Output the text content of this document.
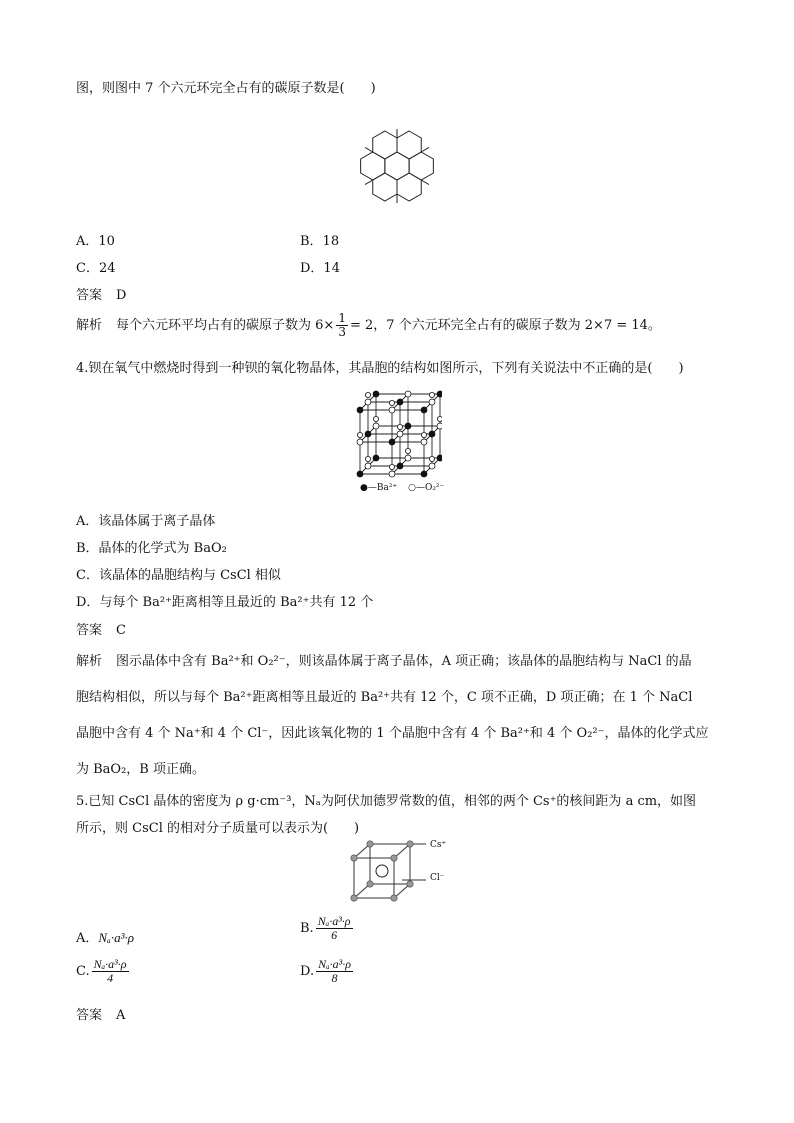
图，则图中 7 个六元环完全占有的碳原子数是(　　)
A．10	B．18
C．24	D．14
答案 D
解析 每个六元环平均占有的碳原子数为 $6\times \frac{1}{3} = 2$，7 个六元环完全占有的碳原子数为 2×7 = 14。
4.钡在氧气中燃烧时得到一种钡的氧化物晶体，其晶胞的结构如图所示，下列有关说法中不正确的是(　　)
●—Ba²⁺ ○—O₂²⁻
A．该晶体属于离子晶体
B．晶体的化学式为 BaO₂
C．该晶体的晶胞结构与 CsCl 相似
D．与每个 Ba²⁺距离相等且最近的 Ba²⁺共有 12 个
答案 C
解析 图示晶体中含有 Ba²⁺和 O₂²⁻，则该晶体属于离子晶体，A 项正确；该晶体的晶胞结构与 NaCl 的晶
胞结构相似，所以与每个 Ba²⁺距离相等且最近的 Ba²⁺共有 12 个，C 项不正确，D 项正确；在 1 个 NaCl
晶胞中含有 4 个 Na⁺和 4 个 Cl⁻，因此该氧化物的 1 个晶胞中含有 4 个 Ba²⁺和 4 个 O₂²⁻，晶体的化学式应
为 BaO₂，B 项正确。
5.已知 CsCl 晶体的密度为 ρ g·cm⁻³，Nₐ为阿伏加德罗常数的值，相邻的两个 Cs⁺的核间距为 a cm，如图
所示，则 CsCl 的相对分子质量可以表示为(　　)
Cs⁺
Cl⁻
A．Nₐ·a³·ρ
B. $\frac{\text{Nₐ·a³·ρ}}{6}$
C. $\frac{\text{Nₐ·a³·ρ}}{4}$	D. $\frac{\text{Nₐ·a³·ρ}}{8}$
答案 A
